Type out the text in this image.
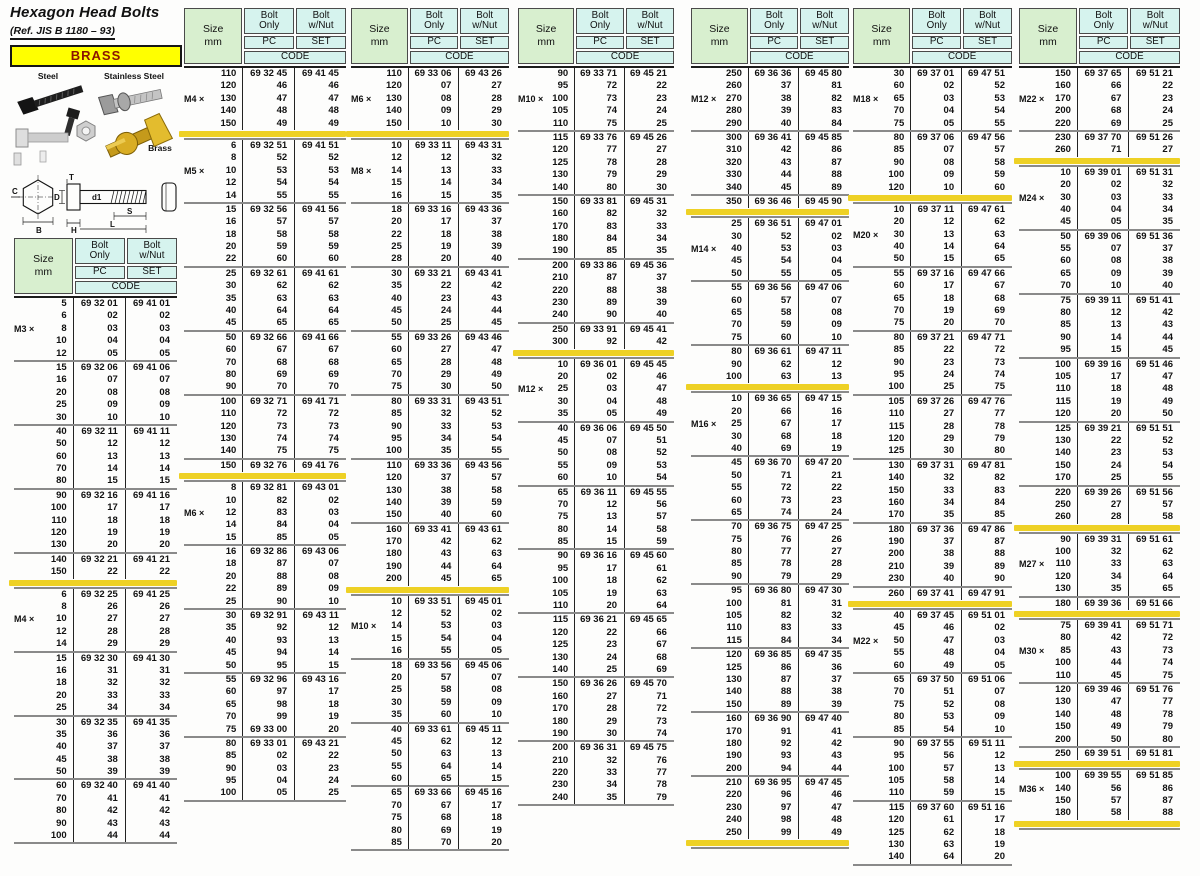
Hexagon Head Bolts
(Ref. JIS B 1180 – 93)
BRASS
Steel	Stainless Steel
Brass
C
B
T
D	d1
S
H
L
Size
mm
Bolt
Only
Bolt
w/Nut
PC	SET
CODE
5	69 32 01	69 41 01
6	02	02
M3 ×	8	03	03
10	04	04
12	05	05
15	69 32 06	69 41 06
16	07	07
20	08	08
25	09	09
30	10	10
40	69 32 11	69 41 11
50	12	12
60	13	13
70	14	14
80	15	15
90	69 32 16	69 41 16
100	17	17
110	18	18
120	19	19
130	20	20
140	69 32 21	69 41 21
150	22	22
6	69 32 25	69 41 25
8	26	26
M4 × 10	27	27
12	28	28
14	29	29
15	69 32 30	69 41 30
16	31	31
18	32	32
20	33	33
25	34	34
30	69 32 35	69 41 35
35	36	36
40	37	37
45	38	38
50	39	39
60	69 32 40	69 41 40
70	41	41
80	42	42
90	43	43
100	44	44
Size
mm
Bolt
Only
Bolt
w/Nut
PC	SET
CODE
110	69 32 45	69 41 45
120	46	46
M4 × 130	47	47
140	48	48
150	49	49
6	69 32 51	69 41 51
8	52	52
M5 × 10	53	53
12	54	54
14	55	55
15	69 32 56	69 41 56
16	57	57
18	58	58
20	59	59
22	60	60
25	69 32 61	69 41 61
30	62	62
35	63	63
40	64	64
45	65	65
50	69 32 66	69 41 66
60	67	67
70	68	68
80	69	69
90	70	70
100	69 32 71	69 41 71
110	72	72
120	73	73
130	74	74
140	75	75
150	69 32 76	69 41 76
8	69 32 81	69 43 01
10	82	02
M6 × 12	83	03
14	84	04
15	85	05
16	69 32 86	69 43 06
18	87	07
20	88	08
22	89	09
25	90	10
30	69 32 91	69 43 11
35	92	12
40	93	13
45	94	14
50	95	15
55	69 32 96	69 43 16
60	97	17
65	98	18
70	99	19
75	69 33 00	20
80	69 33 01	69 43 21
85	02	22
90	03	23
95	04	24
100	05	25
Size
mm
Bolt
Only
Bolt
w/Nut
PC	SET
CODE
110	69 33 06	69 43 26
120	07	27
M6 × 130	08	28
140	09	29
150	10	30
10	69 33 11	69 43 31
12	12	32
M8 × 14	13	33
15	14	34
16	15	35
18	69 33 16	69 43 36
20	17	37
22	18	38
25	19	39
28	20	40
30	69 33 21	69 43 41
35	22	42
40	23	43
45	24	44
50	25	45
55	69 33 26	69 43 46
60	27	47
65	28	48
70	29	49
75	30	50
80	69 33 31	69 43 51
85	32	52
90	33	53
95	34	54
100	35	55
110	69 33 36	69 43 56
120	37	57
130	38	58
140	39	59
150	40	60
160	69 33 41	69 43 61
170	42	62
180	43	63
190	44	64
200	45	65
10	69 33 51	69 45 01
12	52	02
M10 × 14	53	03
15	54	04
16	55	05
18	69 33 56	69 45 06
20	57	07
25	58	08
30	59	09
35	60	10
40	69 33 61	69 45 11
45	62	12
50	63	13
55	64	14
60	65	15
65	69 33 66	69 45 16
70	67	17
75	68	18
80	69	19
85	70	20
Size
mm
Bolt
Only
Bolt
w/Nut
PC	SET
CODE
90	69 33 71	69 45 21
95	72	22
M10 × 100	73	23
105	74	24
110	75	25
115	69 33 76	69 45 26
120	77	27
125	78	28
130	79	29
140	80	30
150	69 33 81	69 45 31
160	82	32
170	83	33
180	84	34
190	85	35
200	69 33 86	69 45 36
210	87	37
220	88	38
230	89	39
240	90	40
250	69 33 91	69 45 41
300	92	42
10	69 36 01	69 45 45
20	02	46
M12 × 25	03	47
30	04	48
35	05	49
40	69 36 06	69 45 50
45	07	51
50	08	52
55	09	53
60	10	54
65	69 36 11	69 45 55
70	12	56
75	13	57
80	14	58
85	15	59
90	69 36 16	69 45 60
95	17	61
100	18	62
105	19	63
110	20	64
115	69 36 21	69 45 65
120	22	66
125	23	67
130	24	68
140	25	69
150	69 36 26	69 45 70
160	27	71
170	28	72
180	29	73
190	30	74
200	69 36 31	69 45 75
210	32	76
220	33	77
230	34	78
240	35	79
Size
mm
Bolt
Only
Bolt
w/Nut
PC	SET
CODE
250	69 36 36	69 45 80
260	37	81
M12 × 270	38	82
280	39	83
290	40	84
300	69 36 41	69 45 85
310	42	86
320	43	87
330	44	88
340	45	89
350	69 36 46	69 45 90
25	69 36 51	69 47 01
30	52	02
M14 × 40	53	03
45	54	04
50	55	05
55	69 36 56	69 47 06
60	57	07
65	58	08
70	59	09
75	60	10
80	69 36 61	69 47 11
90	62	12
100	63	13
10	69 36 65	69 47 15
20	66	16
M16 × 25	67	17
30	68	18
40	69	19
45	69 36 70	69 47 20
50	71	21
55	72	22
60	73	23
65	74	24
70	69 36 75	69 47 25
75	76	26
80	77	27
85	78	28
90	79	29
95	69 36 80	69 47 30
100	81	31
105	82	32
110	83	33
115	84	34
120	69 36 85	69 47 35
125	86	36
130	87	37
140	88	38
150	89	39
160	69 36 90	69 47 40
170	91	41
180	92	42
190	93	43
200	94	44
210	69 36 95	69 47 45
220	96	46
230	97	47
240	98	48
250	99	49
Size
mm
Bolt
Only
Bolt
w/Nut
PC	SET
CODE
30	69 37 01	69 47 51
60	02	52
M18 × 65	03	53
70	04	54
75	05	55
80	69 37 06	69 47 56
85	07	57
90	08	58
100	09	59
120	10	60
10	69 37 11	69 47 61
20	12	62
M20 × 30	13	63
40	14	64
50	15	65
55	69 37 16	69 47 66
60	17	67
65	18	68
70	19	69
75	20	70
80	69 37 21	69 47 71
85	22	72
90	23	73
95	24	74
100	25	75
105	69 37 26	69 47 76
110	27	77
115	28	78
120	29	79
125	30	80
130	69 37 31	69 47 81
140	32	82
150	33	83
160	34	84
170	35	85
180	69 37 36	69 47 86
190	37	87
200	38	88
210	39	89
230	40	90
260	69 37 41	69 47 91
40	69 37 45	69 51 01
45	46	02
M22 × 50	47	03
55	48	04
60	49	05
65	69 37 50	69 51 06
70	51	07
75	52	08
80	53	09
85	54	10
90	69 37 55	69 51 11
95	56	12
100	57	13
105	58	14
110	59	15
115	69 37 60	69 51 16
120	61	17
125	62	18
130	63	19
140	64	20
Size
mm
Bolt
Only
Bolt
w/Nut
PC	SET
CODE
150	69 37 65	69 51 21
160	66	22
M22 × 170	67	23
200	68	24
220	69	25
230	69 37 70	69 51 26
260	71	27
10	69 39 01	69 51 31
20	02	32
M24 × 30	03	33
40	04	34
45	05	35
50	69 39 06	69 51 36
55	07	37
60	08	38
65	09	39
70	10	40
75	69 39 11	69 51 41
80	12	42
85	13	43
90	14	44
95	15	45
100	69 39 16	69 51 46
105	17	47
110	18	48
115	19	49
120	20	50
125	69 39 21	69 51 51
130	22	52
140	23	53
150	24	54
170	25	55
220	69 39 26	69 51 56
250	27	57
260	28	58
90	69 39 31	69 51 61
100	32	62
M27 × 110	33	63
120	34	64
130	35	65
180	69 39 36	69 51 66
75	69 39 41	69 51 71
80	42	72
M30 × 85	43	73
100	44	74
110	45	75
120	69 39 46	69 51 76
130	47	77
140	48	78
150	49	79
200	50	80
250	69 39 51	69 51 81
100	69 39 55	69 51 85
M36 × 140	56	86
150	57	87
180	58	88
